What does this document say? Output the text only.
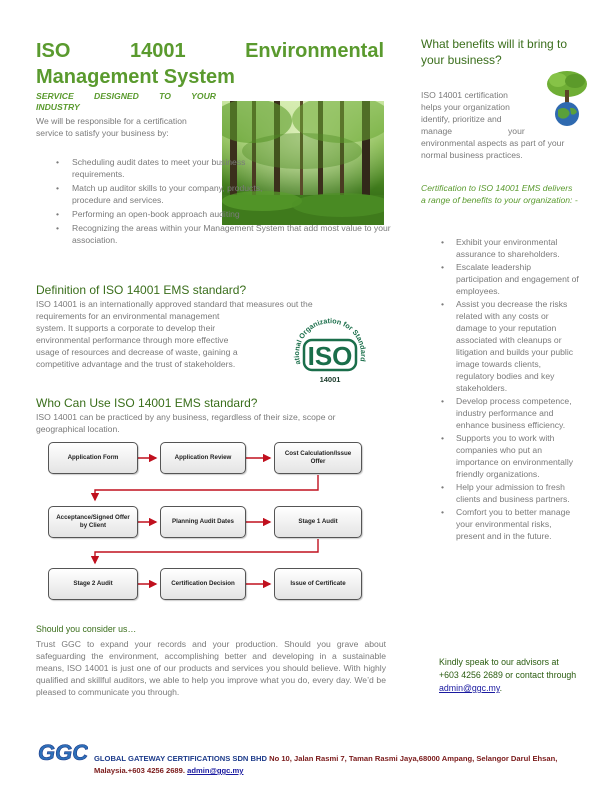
ISO	14001	Environmental
Management System
SERVICE DESIGNED TO YOUR
INDUSTRY
We will be responsible for a certification service to satisfy your business by:
• Scheduling audit dates to meet your business requirements.
• Match up auditor skills to your company, products, procedure and services.
• Performing an open-book approach auditing
• Recognizing the areas within your Management System that add most value to your association.
Definition of ISO 14001 EMS standard?
ISO 14001 is an internationally approved standard that measures out the
requirements for an environmental management
system. It supports a corporate to develop their
environmental performance through more effective
usage of resources and decrease of waste, gaining a
competitive advantage and the trust of stakeholders.	ational Organization for Standard
ISO
14001
Who Can Use ISO 14001 EMS standard?
ISO 14001 can be practiced by any business, regardless of their size, scope or geographical location.
Application Form	Application Review
Cost Calculation/Issue Offer
Acceptance/Signed Offer by Client
Planning Audit Dates	Stage 1 Audit
Stage 2 Audit	Certification Decision	Issue of Certificate
Should you consider us…
Trust GGC to expand your records and your production. Should you grave about safeguarding the environment, accomplishing better and developing in a sustainable means, ISO 14001 is just one of our products and services you should believe. With highly qualified and skillful auditors, we able to help you improve what you do, every day. We’d be pleased to communicate you through.
What benefits will it bring to your business?
ISO 14001 certification
helps your organization
identify, prioritize and
manage
environmental aspects as part of your normal business practices.
your
Certification to ISO 14001 EMS delivers a range of benefits to your organization: -
• Exhibit your environmental assurance to shareholders.
• Escalate leadership participation and engagement of employees.
• Assist you decrease the risks related with any costs or damage to your reputation associated with cleanups or litigation and builds your public image towards clients, regulatory bodies and key stakeholders.
• Develop process competence, industry performance and enhance business efficiency.
• Supports you to work with companies who put an importance on environmentally friendly organizations.
• Help your admission to fresh clients and business partners.
• Comfort you to better manage your environmental risks, present and in the future.
Kindly speak to our advisors at +603 4256 2689 or contact through admin@ggc.my.
GGC GLOBAL GATEWAY CERTIFICATIONS SDN BHD No 10, Jalan Rasmi 7, Taman Rasmi Jaya,68000 Ampang, Selangor Darul Ehsan, Malaysia.+603 4256 2689. admin@ggc.my
